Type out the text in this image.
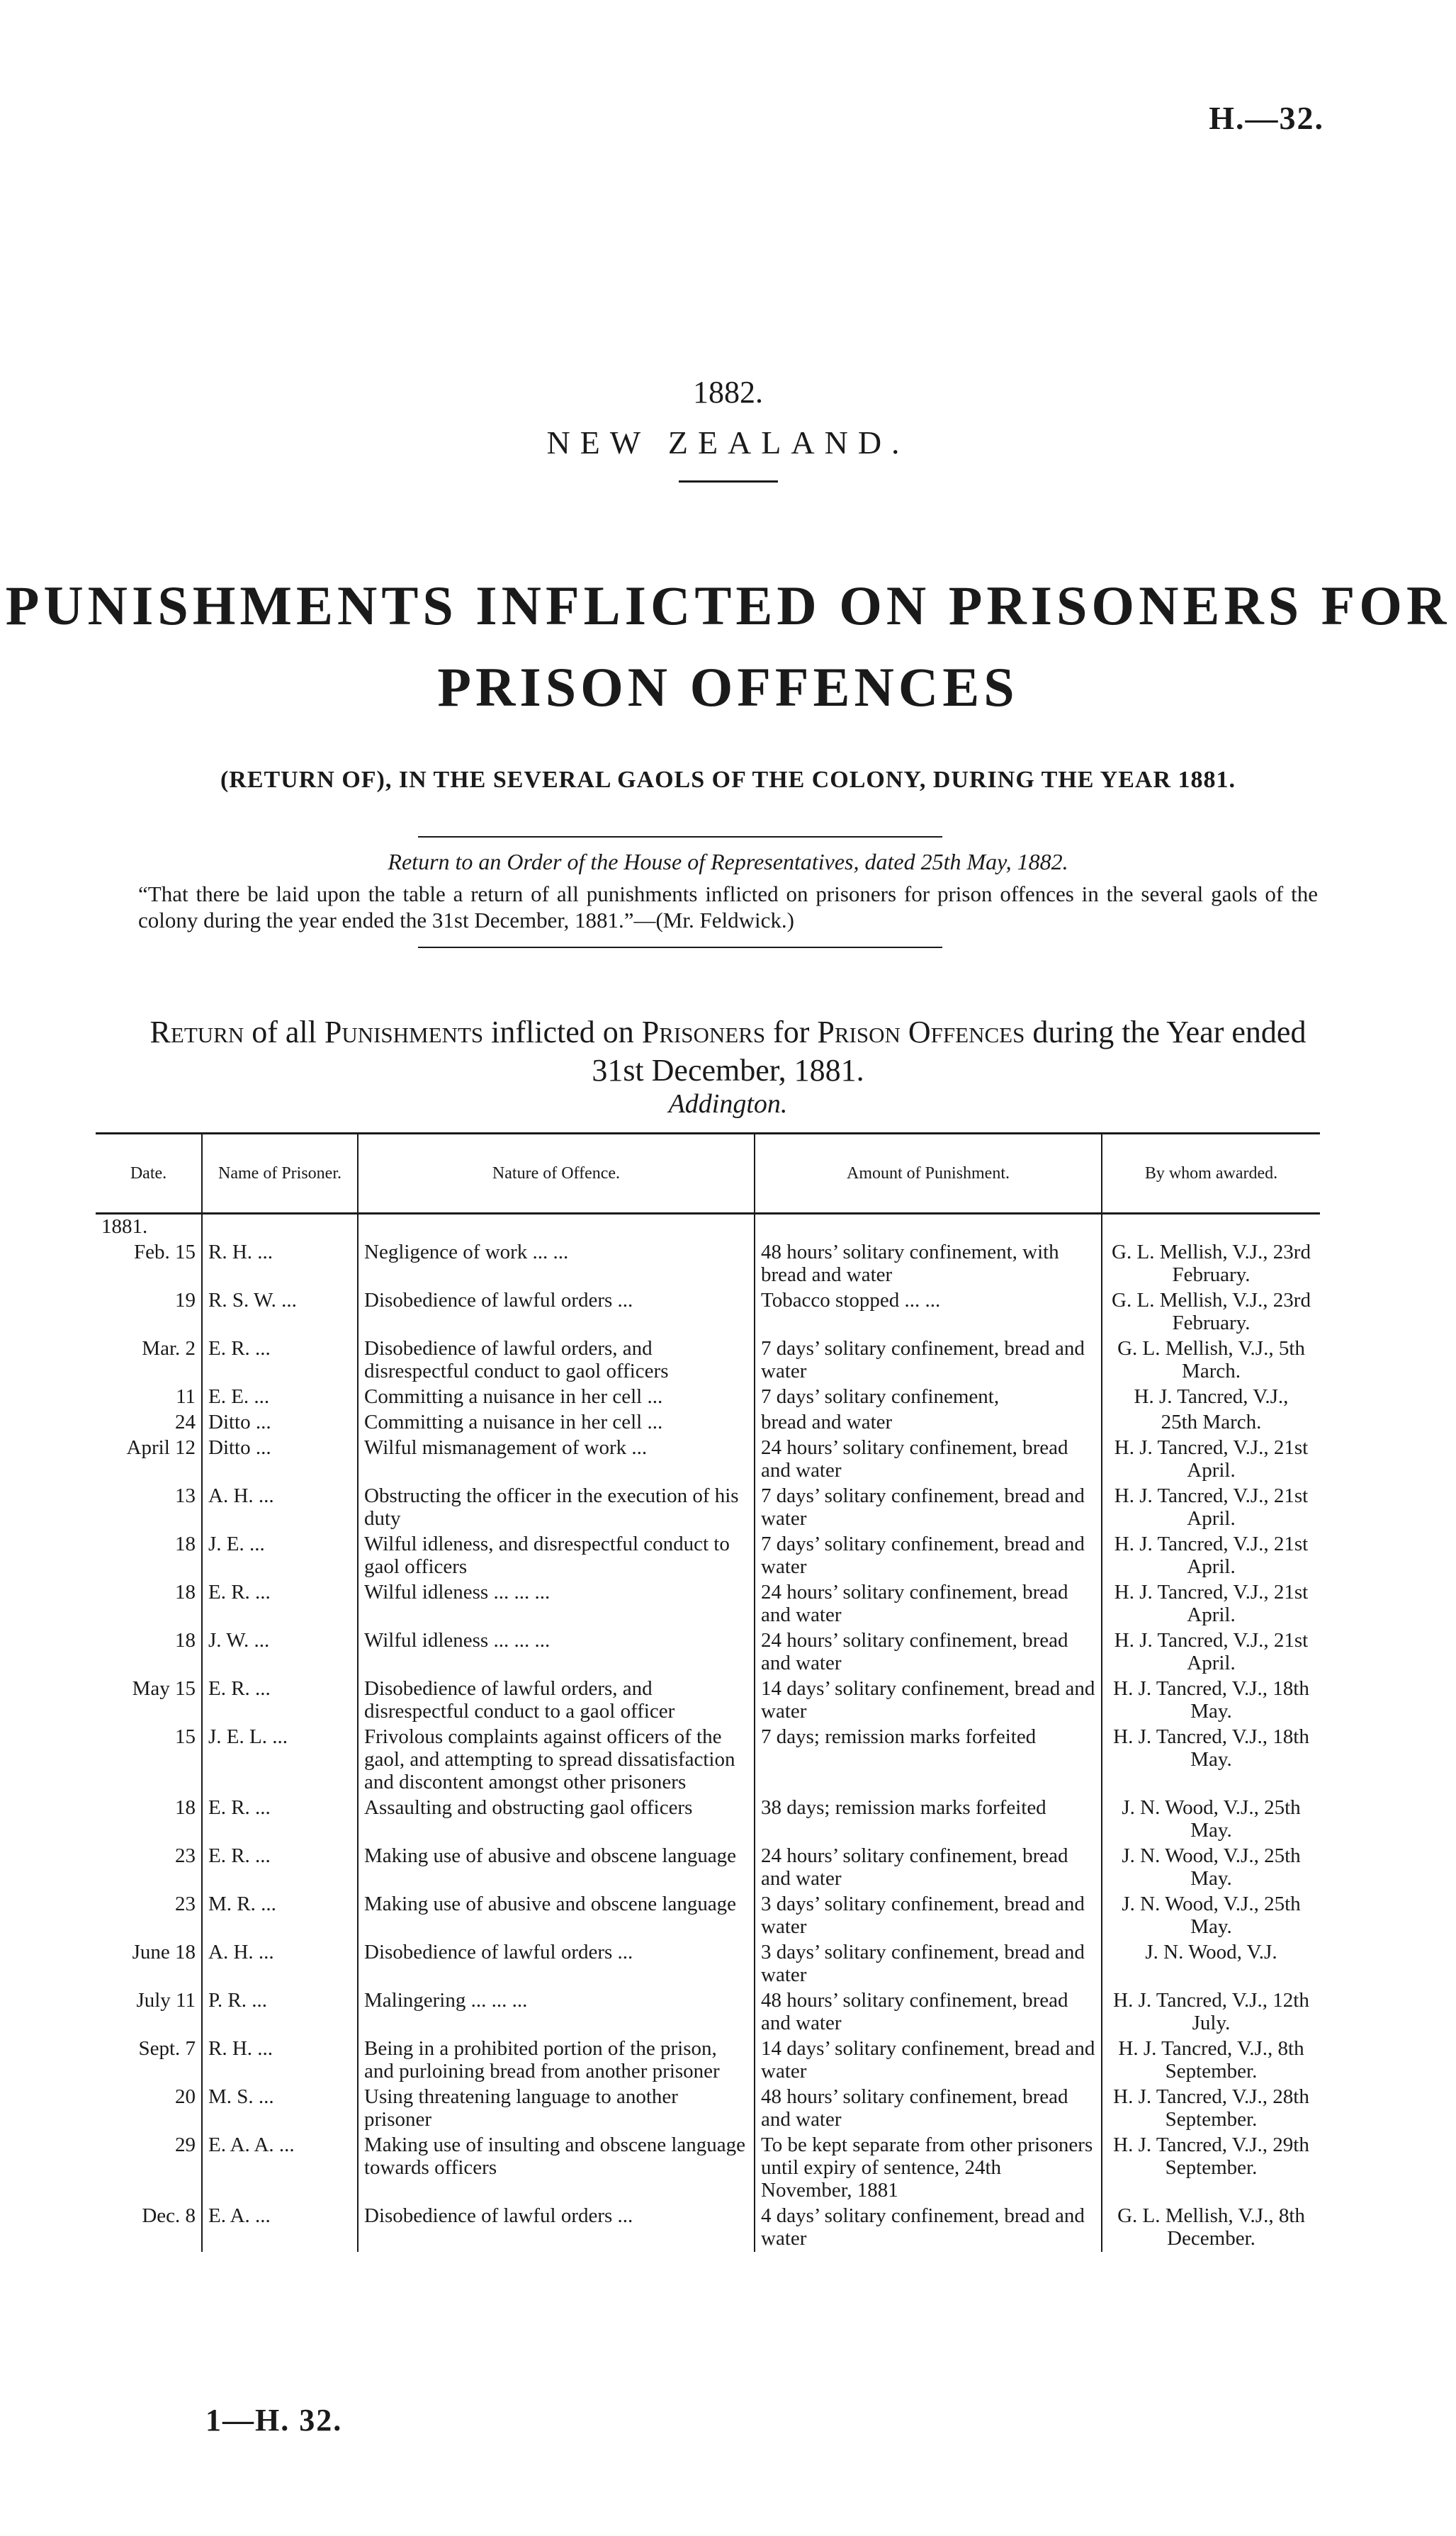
H.—32.
1882.
NEW ZEALAND.
PUNISHMENTS INFLICTED ON PRISONERS FOR
PRISON OFFENCES
(RETURN OF), IN THE SEVERAL GAOLS OF THE COLONY, DURING THE YEAR 1881.
Return to an Order of the House of Representatives, dated 25th May, 1882.
“That there be laid upon the table a return of all punishments inflicted on prisoners for prison offences in the several gaols of the colony during the year ended the 31st December, 1881.”—(Mr. Feldwick.)
Return of all Punishments inflicted on Prisoners for Prison Offences during the Year ended
31st December, 1881.
Addington.
Date.	Name of Prisoner.	Nature of Offence.	Amount of Punishment.	By whom awarded.
1881.				
Feb. 15	R. H. ...	Negligence of work ... ...	48 hours’ solitary confinement, with bread and water	G. L. Mellish, V.J., 23rd February.
19	R. S. W. ...	Disobedience of lawful orders ...	Tobacco stopped ... ...	G. L. Mellish, V.J., 23rd February.
Mar. 2	E. R. ...	Disobedience of lawful orders, and disrespectful conduct to gaol officers	7 days’ solitary confinement, bread and water	G. L. Mellish, V.J., 5th March.
11	E. E. ...	Committing a nuisance in her cell ...	7 days’ solitary confinement,	H. J. Tancred, V.J.,
24	Ditto ...	Committing a nuisance in her cell ...	bread and water	25th March.
April 12	Ditto ...	Wilful mismanagement of work ...	24 hours’ solitary confinement, bread and water	H. J. Tancred, V.J., 21st April.
13	A. H. ...	Obstructing the officer in the execution of his duty	7 days’ solitary confinement, bread and water	H. J. Tancred, V.J., 21st April.
18	J. E. ...	Wilful idleness, and disrespectful conduct to gaol officers	7 days’ solitary confinement, bread and water	H. J. Tancred, V.J., 21st April.
18	E. R. ...	Wilful idleness ... ... ...	24 hours’ solitary confinement, bread and water	H. J. Tancred, V.J., 21st April.
18	J. W. ...	Wilful idleness ... ... ...	24 hours’ solitary confinement, bread and water	H. J. Tancred, V.J., 21st April.
May 15	E. R. ...	Disobedience of lawful orders, and disrespectful conduct to a gaol officer	14 days’ solitary confinement, bread and water	H. J. Tancred, V.J., 18th May.
15	J. E. L. ...	Frivolous complaints against officers of the gaol, and attempting to spread dissatisfaction and discontent amongst other prisoners	7 days; remission marks forfeited	H. J. Tancred, V.J., 18th May.
18	E. R. ...	Assaulting and obstructing gaol officers	38 days; remission marks forfeited	J. N. Wood, V.J., 25th May.
23	E. R. ...	Making use of abusive and obscene language	24 hours’ solitary confinement, bread and water	J. N. Wood, V.J., 25th May.
23	M. R. ...	Making use of abusive and obscene language	3 days’ solitary confinement, bread and water	J. N. Wood, V.J., 25th May.
June 18	A. H. ...	Disobedience of lawful orders ...	3 days’ solitary confinement, bread and water	J. N. Wood, V.J.
July 11	P. R. ...	Malingering ... ... ...	48 hours’ solitary confinement, bread and water	H. J. Tancred, V.J., 12th July.
Sept. 7	R. H. ...	Being in a prohibited portion of the prison, and purloining bread from another prisoner	14 days’ solitary confinement, bread and water	H. J. Tancred, V.J., 8th September.
20	M. S. ...	Using threatening language to another prisoner	48 hours’ solitary confinement, bread and water	H. J. Tancred, V.J., 28th September.
29	E. A. A. ...	Making use of insulting and obscene language towards officers	To be kept separate from other prisoners until expiry of sentence, 24th November, 1881	H. J. Tancred, V.J., 29th September.
Dec. 8	E. A. ...	Disobedience of lawful orders ...	4 days’ solitary confinement, bread and water	G. L. Mellish, V.J., 8th December.
1—H. 32.
